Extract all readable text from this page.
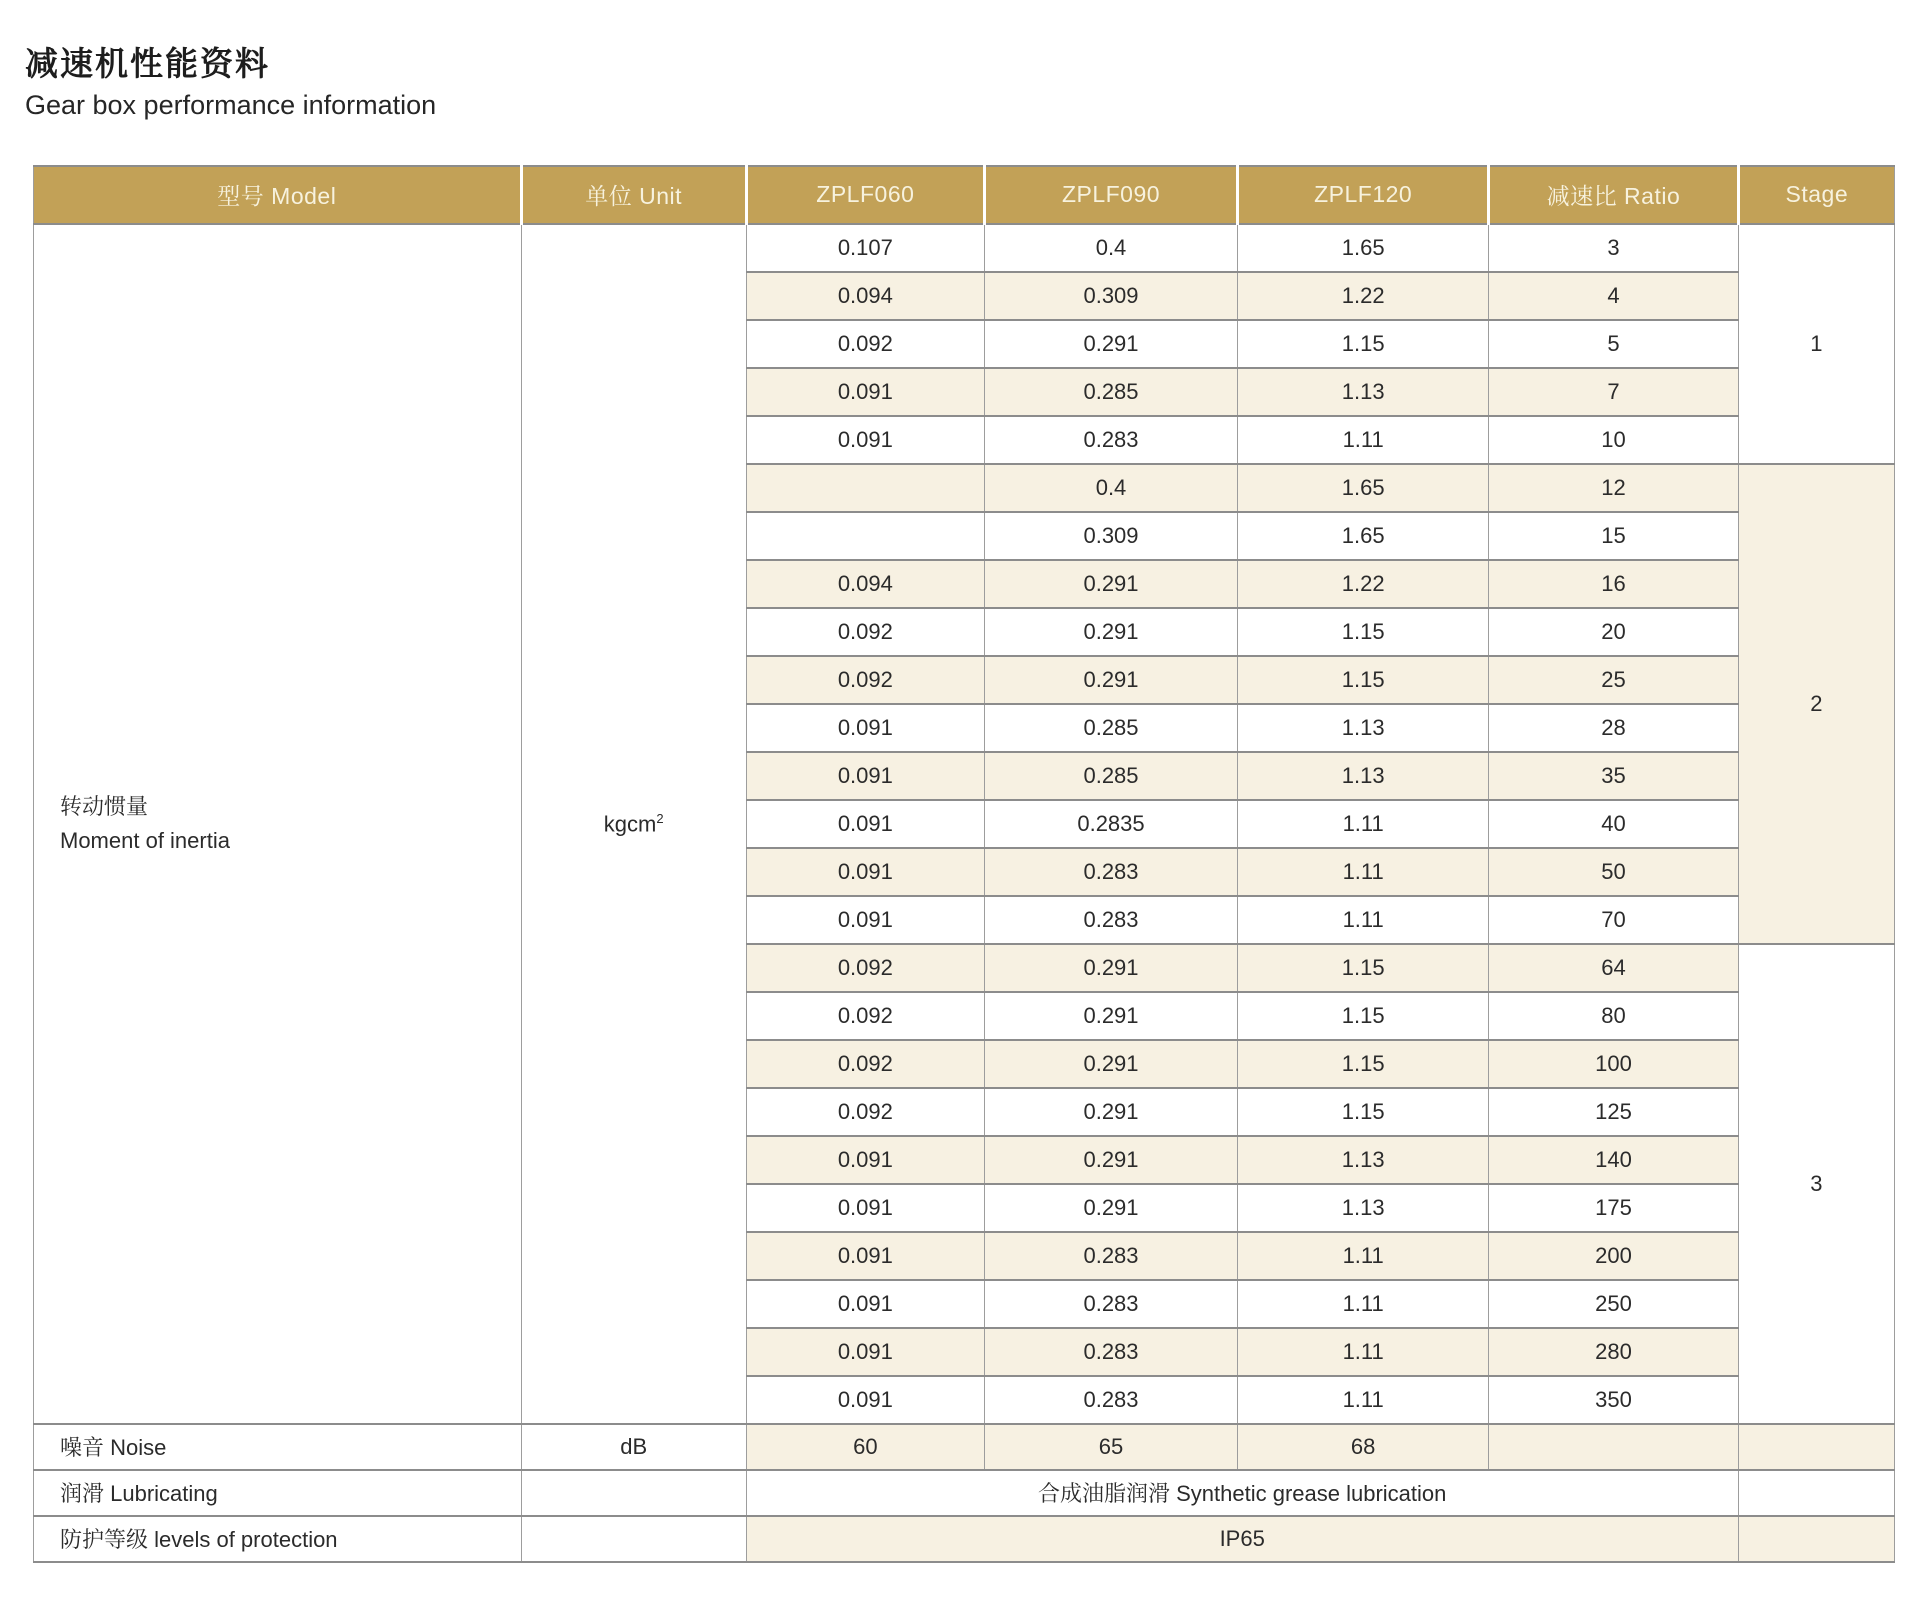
减速机性能资料
Gear box performance information
型号 Model	单位 Unit	ZPLF060	ZPLF090	ZPLF120	减速比 Ratio	Stage

转动惯量
Moment of inertia	kgcm$^2$	0.107	0.4	1.65	3	1
		0.094	0.309	1.22	4	
		0.092	0.291	1.15	5	
		0.091	0.285	1.13	7	
		0.091	0.283	1.11	10	
			0.4	1.65	12	2
			0.309	1.65	15	
		0.094	0.291	1.22	16	
		0.092	0.291	1.15	20	
		0.092	0.291	1.15	25	
		0.091	0.285	1.13	28	
		0.091	0.285	1.13	35	
		0.091	0.2835	1.11	40	
		0.091	0.283	1.11	50	
		0.091	0.283	1.11	70	
		0.092	0.291	1.15	64	3
		0.092	0.291	1.15	80	
		0.092	0.291	1.15	100	
		0.092	0.291	1.15	125	
		0.091	0.291	1.13	140	
		0.091	0.291	1.13	175	
		0.091	0.283	1.11	200	
		0.091	0.283	1.11	250	
		0.091	0.283	1.11	280	
		0.091	0.283	1.11	350	
噪音 Noise	dB	60	65	68		
润滑 Lubricating		合成油脂润滑 Synthetic grease lubrication				
防护等级 levels of protection		IP65				
